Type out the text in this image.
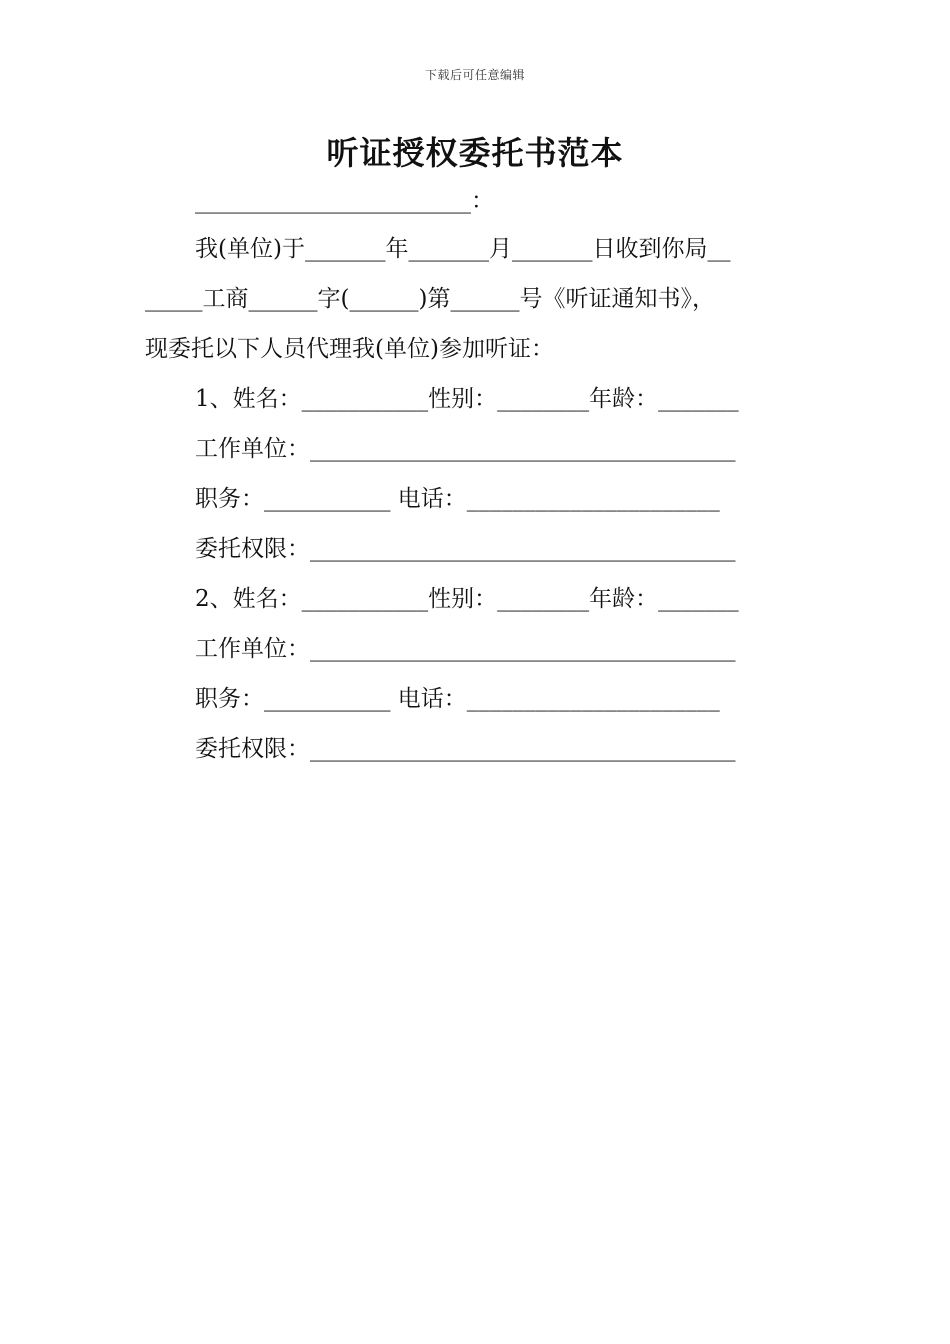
下载后可任意编辑
听证授权委托书范本
________________________：
我(单位)于_______年_______月_______日收到你局__
_____工商______字(______)第______号《听证通知书》，
现委托以下人员代理我(单位)参加听证：
1、姓名：___________性别：________年龄：_______
工作单位：_____________________________________
职务：___________ 电话：______________________
委托权限：_____________________________________
2、姓名：___________性别：________年龄：_______
工作单位：_____________________________________
职务：___________ 电话：______________________
委托权限：_____________________________________
